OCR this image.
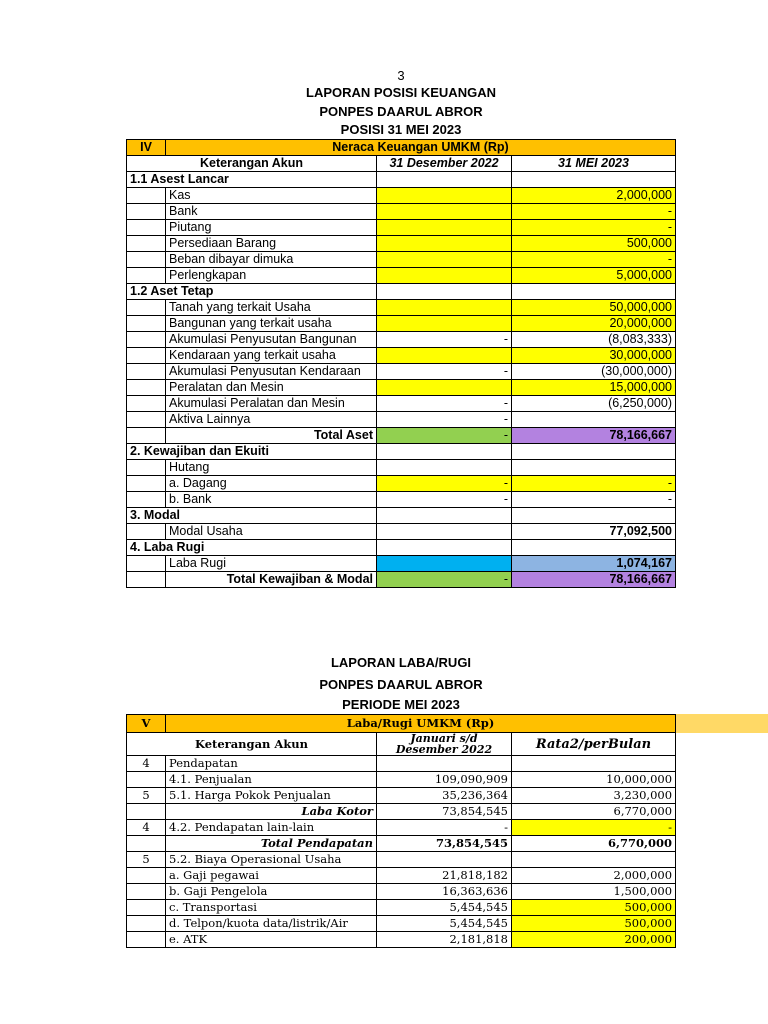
3
LAPORAN POSISI KEUANGAN
PONPES DAARUL ABROR
POSISI 31 MEI 2023
IV	Neraca Keuangan UMKM (Rp)		
Keterangan Akun		31 Desember 2022	31 MEI 2023
1.1 Asest Lancar			
	Kas		2,000,000
	Bank		-
	Piutang		-
	Persediaan Barang		500,000
	Beban dibayar dimuka		-
	Perlengkapan		5,000,000
1.2 Aset Tetap			
	Tanah yang terkait Usaha		50,000,000
	Bangunan yang terkait usaha		20,000,000
	Akumulasi Penyusutan Bangunan	-	(8,083,333)
	Kendaraan yang terkait usaha		30,000,000
	Akumulasi Penyusutan Kendaraan	-	(30,000,000)
	Peralatan dan Mesin		15,000,000
	Akumulasi Peralatan dan Mesin	-	(6,250,000)
	Aktiva Lainnya	-	
	Total Aset	-	78,166,667
2. Kewajiban dan Ekuiti			
	Hutang		
	a. Dagang	-	-
	b. Bank	-	-
3. Modal			
	Modal Usaha		77,092,500
4. Laba Rugi			
	Laba Rugi		1,074,167
	Total Kewajiban & Modal	-	78,166,667
LAPORAN LABA/RUGI
PONPES DAARUL ABROR
PERIODE MEI 2023
V	Laba/Rugi UMKM (Rp)		
Keterangan Akun		Januari s/d Desember 2022	Rata2/perBulan
4	Pendapatan		
	4.1. Penjualan	109,090,909	10,000,000
5	5.1. Harga Pokok Penjualan	35,236,364	3,230,000
	Laba Kotor	73,854,545	6,770,000
4	4.2. Pendapatan lain-lain	-	-
	Total Pendapatan	73,854,545	6,770,000
5	5.2. Biaya Operasional Usaha		
	a. Gaji pegawai	21,818,182	2,000,000
	b. Gaji Pengelola	16,363,636	1,500,000
	c. Transportasi	5,454,545	500,000
	d. Telpon/kuota data/listrik/Air	5,454,545	500,000
	e. ATK	2,181,818	200,000
